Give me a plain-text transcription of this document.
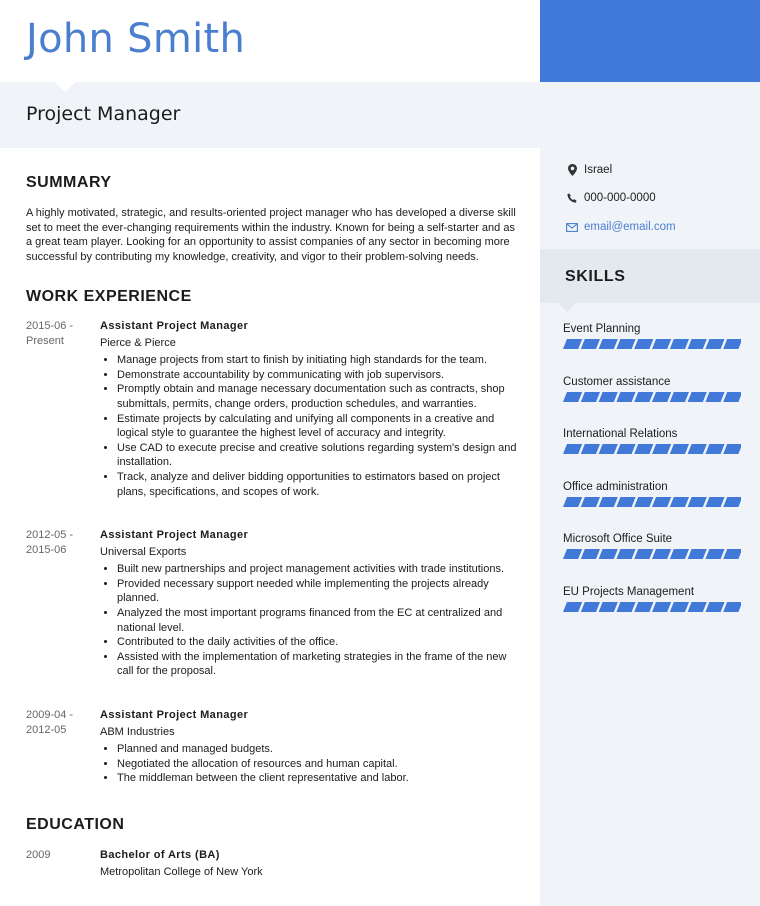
John Smith
Project Manager
Israel
000-000-0000
email@email.com
SKILLS
Event Planning
Customer assistance
International Relations
Office administration
Microsoft Office Suite
EU Projects Management
SUMMARY

A highly motivated, strategic, and results-oriented project manager who has developed a diverse skill set to meet the ever-changing requirements within the industry. Known for being a self-starter and as a great team player. Looking for an opportunity to assist companies of any sector in becoming more successful by contributing my knowledge, creativity, and vigor to their problem-solving needs.

WORK EXPERIENCE
2015-06 -
Present
Assistant Project Manager
Pierce & Pierce
• Manage projects from start to finish by initiating high standards for the team.
• Demonstrate accountability by communicating with job supervisors.
• Promptly obtain and manage necessary documentation such as contracts, shop submittals, permits, change orders, production schedules, and warranties.
• Estimate projects by calculating and unifying all components in a creative and logical style to guarantee the highest level of accuracy and integrity.
• Use CAD to execute precise and creative solutions regarding system's design and installation.
• Track, analyze and deliver bidding opportunities to estimators based on project plans, specifications, and scopes of work.
2012-05 -
2015-06
Assistant Project Manager
Universal Exports
• Built new partnerships and project management activities with trade institutions.
• Provided necessary support needed while implementing the projects already planned.
• Analyzed the most important programs financed from the EC at centralized and national level.
• Contributed to the daily activities of the office.
• Assisted with the implementation of marketing strategies in the frame of the new call for the proposal.
2009-04 -
2012-05
Assistant Project Manager
ABM Industries
• Planned and managed budgets.
• Negotiated the allocation of resources and human capital.
• The middleman between the client representative and labor.
EDUCATION
2009	Bachelor of Arts (BA)
Metropolitan College of New York
